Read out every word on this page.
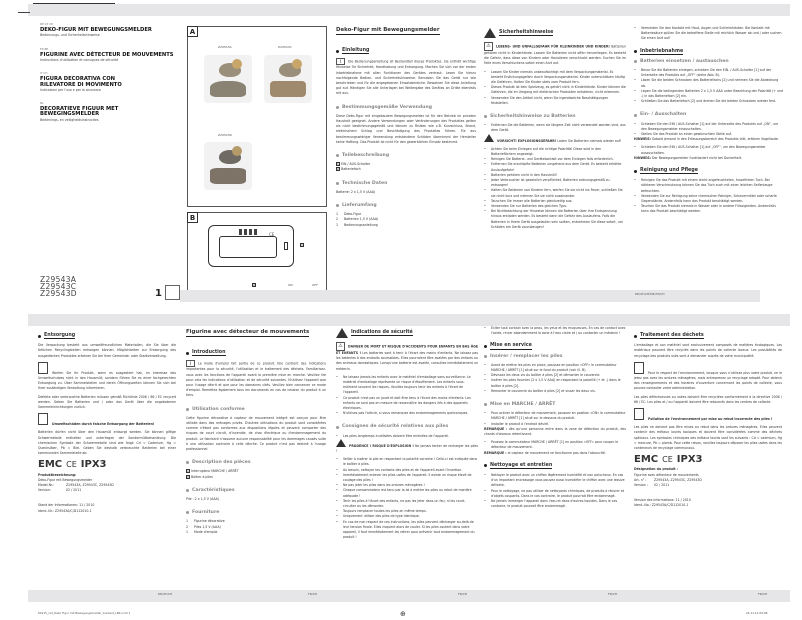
DE AT CH
DEKO-FIGUR MIT BEWEGUNGSMELDER
Bedienungs- und Sicherheitshinweise
FR BE
FIGURINE AVEC DÉTECTEUR DE MOUVEMENTS
Instructions d'utilisation et consignes de sécurité
IT CH
FIGURA DECORATIVA CON RILEVATORE DI MOVIMENTO
Indicazioni per l'uso e per la sicurezza
NL
DECORATIEVE FIGUUR MET BEWEGINGSMELDER
Bedienings- en veiligheidsinstructies
Z29543A
Z29543C
Z29543D	1
A
Z29543A	Z29543C
Z29543D
B
CE
1
2	ON	OFF
Deko-Figur mit Bewegungsmelder
Einleitung

i Die Bedienungsanleitung ist Bestandteil dieses Produktes. Sie enthält wichtige Hinweise für Sicherheit, Handhabung und Entsorgung. Machen Sie sich vor der ersten Inbetriebnahme mit allen Funktionen des Gerätes vertraut. Lesen Sie hierzu nachfolgende Bedien- und Sicherheitshinweise. Benutzen Sie das Gerät nur wie beschrieben und für die angegebenen Einsatzbereiche. Bewahren Sie diese Anleitung gut auf. Händigen Sie alle Unterlagen bei Weitergabe des Gerätes an Dritte ebenfalls mit aus.

Bestimmungsgemäße Verwendung

Diese Deko-Figur mit eingebautem Bewegungsmelder ist für den Betrieb im privaten Haushalt geeignet. Andere Verwendungen oder Veränderungen des Produktes gelten als nicht bestimmungsgemäß und können zu Risiken wie z.B. Kurzschluss, Brand, elektrischem Schlag und Beschädigung des Produktes führen. Für aus bestimmungswidriger Verwendung entstandene Schäden übernimmt der Hersteller keine Haftung. Das Produkt ist nicht für den gewerblichen Einsatz bestimmt.

Teilebeschreibung
1 EIN / AUS-Schalter
2 Batteriefach
Technische Daten

Batterie: 2 x 1,5 V (AAA)

Lieferumfang
1 Deko-Figur
2 Batterien 1,5 V (AAA)
1 Bedienungsanleitung
Sicherheitshinweise

⚠ LEBENS- UND UNFALLGEFAHR FÜR KLEINKINDER UND KINDER! Batterien gehören nicht in Kinderhände. Lassen Sie Batterien nicht offen herumliegen. Es besteht die Gefahr, dass diese von Kindern oder Haustieren verschluckt werden. Suchen Sie im Falle eines Verschluckens sofort einen Arzt auf.

• Lassen Sie Kinder niemals unbeaufsichtigt mit dem Verpackungsmaterial. Es besteht Erstickungsgefahr durch Verpackungsmaterial. Kinder unterschätzen häufig die Gefahren. Halten Sie Kinder stets vom Produkt fern.
• Dieses Produkt ist kein Spielzeug, es gehört nicht in Kinderhände. Kinder können die Gefahren, die im Umgang mit elektrischen Produkten entstehen, nicht erkennen.
• Verwenden Sie den Artikel nicht, wenn Sie irgendwelche Beschädigungen feststellen.
Sicherheitshinweise zu Batterien
• Entfernen Sie die Batterien, wenn sie längere Zeit nicht verwendet worden sind, aus dem Gerät.

VORSICHT! EXPLOSIONSGEFAHR! Laden Sie Batterien niemals wieder auf!

• Achten Sie beim Einlegen auf die richtige Polarität! Diese wird in den Batteriefächern angezeigt.
• Reinigen Sie Batterie- und Gerätekontakt vor dem Einlegen falls erforderlich.
• Entfernen Sie erschöpfte Batterien umgehend aus dem Gerät. Es besteht erhöhte Auslaufgefahr!
• Batterien gehören nicht in den Hausmüll!
• Jeder Verbraucher ist gesetzlich verpflichtet, Batterien ordnungsgemäß zu entsorgen!
• Halten Sie Batterien von Kindern fern, werfen Sie sie nicht ins Feuer, schließen Sie sie nicht kurz und nehmen Sie sie nicht auseinander.
• Tauschen Sie immer alle Batterien gleichzeitig aus.
• Verwenden Sie nur Batterien des gleichen Typs.
• Bei Nichtbeachtung der Hinweise können die Batterien über ihre Endspannung hinaus entladen werden. Es besteht dann die Gefahr des Auslaufens. Falls die Batterien in Ihrem Gerät ausgelaufen sein sollten, entnehmen Sie diese sofort, um Schäden am Gerät vorzubeugen!
• Vermeiden Sie den Kontakt mit Haut, Augen und Schleimhäuten. Bei Kontakt mit Batteriesäure spülen Sie die betroffene Stelle mit reichlich Wasser ab und / oder suchen Sie einen Arzt auf!
Inbetriebnahme
Batterien einsetzen / austauschen
• Bevor Sie die Batterien einlegen, schieben Sie den EIN- / AUS-Schalter [1] auf der Unterseite des Produkts auf „OFF“ (siehe Abb. B).
• Lösen Sie die beiden Schrauben des Batteriefachs [2] und nehmen Sie die Abdeckung ab.
• Legen Sie die beiliegenden Batterien 2 x 1,5 V AAA unter Beachtung der Polarität (+ und -) in das Batteriefach [2] ein.
• Schließen Sie das Batteriefach [2] und drehen Sie die beiden Schrauben wieder fest.
Ein- / Ausschalten
• Schieben Sie den EIN / AUS-Schalter [1] auf der Unterseite des Produkts auf „ON“, um den Bewegungsmelder einzuschalten.
• Stellen Sie das Produkt an einen gewünschten Stelle auf.

HINWEIS: Sobald jemand in den Erfassungsbereich des Produkts tritt, ertönen Vogellaute.

• Schieben Sie den EIN / AUS-Schalter [1] auf „OFF“, um den Bewegungsmelder auszuschalten.

HINWEIS: Der Bewegungsmelder funktioniert nicht bei Dunkelheit.

Reinigung und Pflege
• Reinigen Sie das Produkt mit einem leicht angefeuchteten, fusselfreien Tuch. Bei stärkerer Verschmutzung können Sie das Tuch auch mit einer leichten Seifenlauge befeuchten.
• Verwenden Sie zur Reinigung keine chemischen Reiniger, Scheuermittel oder scharfe Gegenstände. Andernfalls kann das Produkt beschädigt werden.
• Tauchen Sie das Produkt niemals in Wasser oder in andere Flüssigkeiten. Andernfalls kann das Produkt beschädigt werden.
DE/AT/CH/DE/AT/CH
Entsorgung

Die Verpackung besteht aus umweltfreundlichen Materialien, die Sie über die örtlichen Recyclingstellen entsorgen können. Möglichkeiten zur Entsorgung des ausgedienten Produktes erfahren Sie bei Ihrer Gemeinde- oder Stadtverwaltung.

Werfen Sie Ihr Produkt, wenn es ausgedient hat, im Interesse des Umweltschutzes nicht in den Hausmüll, sondern führen Sie es einer fachgerechten Entsorgung zu. Über Sammelstellen und deren Öffnungszeiten können Sie sich bei Ihrer zuständigen Verwaltung informieren.

Defekte oder verbrauchte Batterien müssen gemäß Richtlinie 2006 / 66 / EC recycelt werden. Geben Sie Batterien und / oder das Gerät über die angebotenen Sammeleinrichtungen zurück.

Umweltschäden durch falsche Entsorgung der Batterien!

Batterien dürfen nicht über den Hausmüll entsorgt werden. Sie können giftige Schwermetalle enthalten und unterliegen der Sondermüllbehandlung. Die chemischen Symbole der Schwermetalle sind wie folgt: Cd = Cadmium, Hg = Quecksilber, Pb = Blei. Geben Sie deshalb verbrauchte Batterien bei einer kommunalen Sammelstelle ab.

EMC CE IPX3
Produktbezeichnung:
Deko-Figur mit Bewegungsmelder
Model-Nr.:	Z29543A, Z29543C, Z29543D
Version:	02 / 2011
Stand der Informationen: 11 / 2010
Ident.-Nr.: Z29543A/C/D112010-1
Figurine avec détecteur de mouvements
Introduction

i Le mode d'emploi fait partie de ce produit. Elle contient des indications importantes pour la sécurité, l'utilisation et le traitement des déchets. Familiarisez-vous avec les fonctions de l'appareil avant la première mise en marche. Veuillez lire pour cela les indications d'utilisation et de sécurité suivantes. N'utilisez l'appareil que pour l'usage décrit et que pour les domaines cités. Veuillez bien conserver ce mode d'emploi. Remettez également tous les documents en cas de cession du produit à un tiers.

Utilisation conforme

Cette figurine décorative à capteur de mouvement intégré est conçue pour être utilisée dans des ménages privés. D'autres utilisations du produit sont considérées comme n'étant pas conformes aux dispositions légales et peuvent comporter des risques de court circuit, d'incendie, de choc électrique ou d'endommagement du produit. Le fabricant n'assume aucune responsabilité pour les dommages causés suite à une utilisation contraire à celle décrite. Ce produit n'est pas destiné à l'usage professionnel.

Description des pièces
1 Interrupteur MARCHE / ARRÊT
2 Boîtier à piles
Caractéristiques

Pile : 2 x 1,5 V (AAA)

Fourniture
1 Figurine décorative
2 Piles 1,5 V (AAA)
1 Mode d'emploi
Indications de sécurité

⚠ DANGER DE MORT ET RISQUE D'ACCIDENTS POUR ENFANTS EN BAS ÂGE ET ENFANTS ! Les batteries sont à tenir à l'écart des mains d'enfants. Ne laissez pas les batteries à des endroits accessibles. Elles pourraient être avalées par des enfants ou des animaux domestiques. Lorsqu'une batterie est avalée, consultez immédiatement un médecin.

• Ne laissez jamais les enfants avec le matériel d'emballage sans surveillance. Le matériel d'emballage représente un risque d'étouffement. Les enfants sous-estiment souvent les risques. Veuillez toujours tenir les enfants à l'écart de l'appareil.
• Ce produit n'est pas un jouet et doit être tenu à l'écart des mains d'enfants. Les enfants ne sont pas en mesure de reconnaître les dangers liés à des appareils électriques.
• N'utilisez pas l'article, si vous remarquez des endommagements quelconques.
Consignes de sécurité relatives aux piles
• Les piles longtemps inutilisées doivent être enlevées de l'appareil.

PRUDENCE ! RISQUE D'EXPLOSION ! Ne jamais tenter de recharger les piles !

• Veiller à insérer la pile en respectant la polarité correcte ! Celle-ci est indiquée dans le boîtier à piles.
• Au besoin, nettoyer les contacts des piles et de l'appareil avant l'insertion.
• Immédiatement enlever les piles usées de l'appareil. Il existe un risque élevé de coulage des piles !
• Ne pas jeter les piles dans les ordures ménagères !
• Chaque consommateur est tenu par la loi à mettre les piles au rebut de manière adéquate !
• Tenir les piles à l'écart des enfants, ne pas les jeter dans un feu, ni les court-circuiter ou les démonter.
• Toujours remplacer toutes les piles en même temps.
• Uniquement utiliser des piles de type identique.
• En cas de non respect de ces instructions, les piles peuvent décharger au-delà de leur tension finale. Elles risquent alors de couler. Si les piles coulent dans votre appareil, il faut immédiatement les retirer pour prévenir tout endommagement du produit !
• Éviter tout contact avec la peau, les yeux et les muqueuses. En cas de contact avec l'acide, rincer abondamment la zone à l'eau claire et / ou contacter un médecin !
Mise en service
Insérer / remplacer les piles
• Avant de mettre les piles en place, poussez en position «OFF» le commutateur MARCHE / ARRÊT [1] situé sur le fond du produit (voir ill. B).
• Dévissez les deux vis du boîtier à piles [2] et démonter le couvercle.
• Insérer les piles fournies (2 x 1,5 V AAA) en respectant la polarité (+ et -) dans le boîtier à piles [2].
• Remonter le couvercle du boîtier à piles [2] et visser les deux vis.
Mise en MARCHE / ARRÊT
• Pour activer le détecteur de mouvement, poussez en position «ON» le commutateur MARCHE / ARRÊT [1] situé sur le dessous du produit.
• Installer le produit à l'endroit désiré.

REMARQUE : dès qu'une personne entre dans la zone de détection du produit, des chants d'oiseaux retentissent.

• Poussez le commutateur MARCHE / ARRÊT [1] en position «OFF» pour couper le détecteur de mouvement.

REMARQUE : le capteur de mouvement ne fonctionne pas dans l'obscurité.

Nettoyage et entretien
• Nettoyer le produit avec un chiffon légèrement humidifié et non pelucheux. En cas d'un important encrassage vous pouvez aussi humidifier le chiffon avec une lessive délicate.
• Pour le nettoyage, ne pas utiliser de nettoyants chimiques, de produits à récurer et d'objets coupants. Dans le cas contraire, le produit pourrait être endommagé.
• Ne jamais immerger l'appareil dans l'eau et dans d'autres liquides. Dans le cas contraire, le produit pourrait être endommagé.
Traitement des déchets

L'emballage et son matériel sont exclusivement composés de matières écologiques. Les matériaux peuvent être recyclés dans les points de collecte locaux. Les possibilités de recyclage des produits usés sont à demander auprès de votre municipalité.

Pour le respect de l'environnement, lorsque vous n'utilisez plus votre produit, ne le jetez pas avec les ordures ménagères, mais entreprenez un recyclage adapté. Pour obtenir des renseignements et des horaires d'ouverture concernant les points de collecte, vous pouvez contacter votre administration.

Les piles défectueuses ou usées doivent être recyclées conformément à la directive 2006 / 66 / EC. Les piles et / ou l'appareil doivent être retournés dans les centres de collecte.

Pollution de l'environnement par mise au rebut incorrecte des piles !

Les piles ne doivent pas être mises au rebut dans les ordures ménagères. Elles peuvent contenir des métaux lourds toxiques et doivent être considérées comme des déchets spéciaux. Les symboles chimiques des métaux lourds sont les suivants : Cd = cadmium, Hg = mercure, Pb = plomb. Pour cette raison, veuillez toujours déposer les piles usées dans les conteneurs de recyclage communaux.

EMC CE IPX3
Désignation du produit :
Figurine avec détecteur de mouvements
Art. n° : Z29543A, Z29543C, Z29543D
Version : 02 / 2011
Version des informations: 11 / 2010
Ident.-No.: Z29543A/C/D112010-1
DE/AT/CH	FR/CH	FR/CH	FR/CH	FR/CH
61915_rsd_Deko Figur mit Bewegungsmelder_Content_LB4.indd 1	24.11.10 09:08
⊕
